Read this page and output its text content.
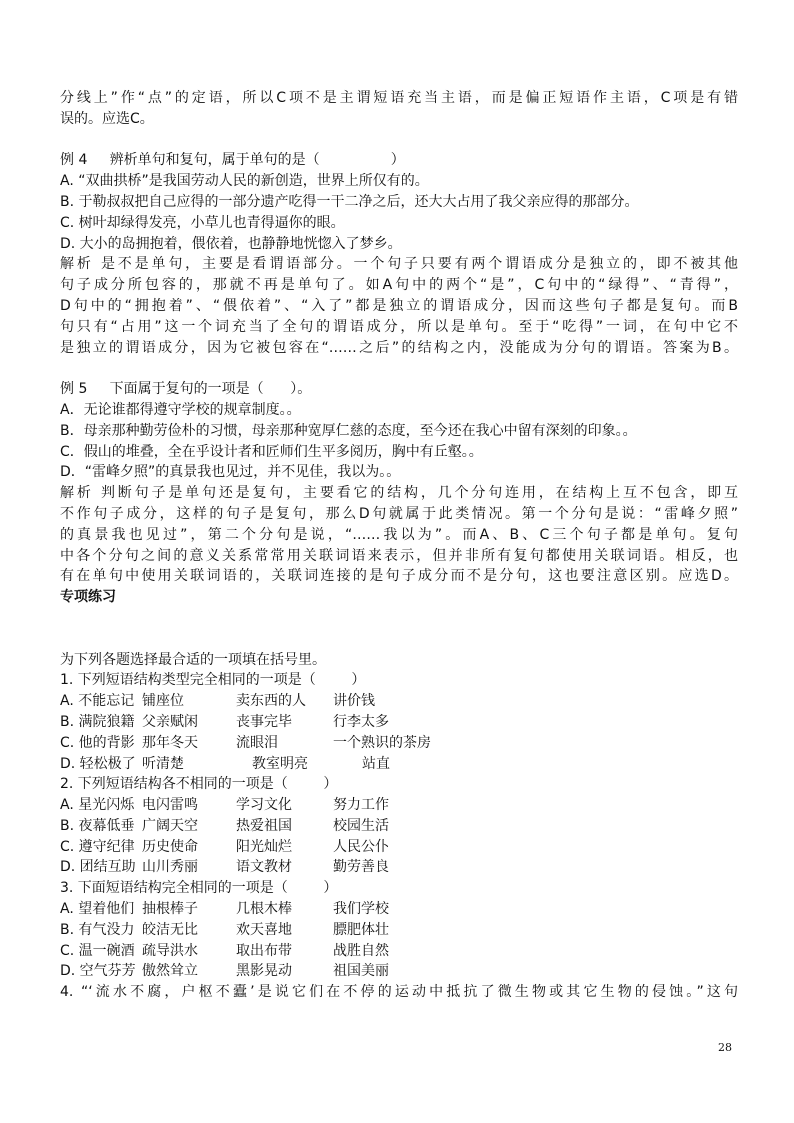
分线上”作“点”的定语，所以C项不是主谓短语充当主语，而是偏正短语作主语，C项是有错
误的。应选C。
例 4     辨析单句和复句，属于单句的是（                ）
A. “双曲拱桥”是我国劳动人民的新创造，世界上所仅有的。
B. 于勒叔叔把自己应得的一部分遗产吃得一干二净之后，还大大占用了我父亲应得的那部分。
C. 树叶却绿得发亮，小草儿也青得逼你的眼。
D. 大小的岛拥抱着，偎依着，也静静地恍惚入了梦乡。
解析 是不是单句，主要是看谓语部分。一个句子只要有两个谓语成分是独立的，即不被其他
句子成分所包容的，那就不再是单句了。如A句中的两个“是”，C句中的“绿得”、“青得”，
D句中的“拥抱着”、“偎依着”、“入了”都是独立的谓语成分，因而这些句子都是复句。而B
句只有“占用”这一个词充当了全句的谓语成分，所以是单句。至于“吃得”一词，在句中它不
是独立的谓语成分，因为它被包容在“……之后”的结构之内，没能成为分句的谓语。答案为B。
例 5     下面属于复句的一项是（      ）。
A．无论谁都得遵守学校的规章制度。。
B．母亲那种勤劳俭朴的习惯，母亲那种宽厚仁慈的态度，至今还在我心中留有深刻的印象。。
C．假山的堆叠，全在乎设计者和匠师们生平多阅历，胸中有丘壑。。
D．“雷峰夕照”的真景我也见过，并不见佳，我以为。。
解析 判断句子是单句还是复句，主要看它的结构，几个分句连用，在结构上互不包含，即互
不作句子成分，这样的句子是复句，那么D句就属于此类情况。第一个分句是说：“雷峰夕照”
的真景我也见过”，第二个分句是说，“……我以为”。而A、B、C三个句子都是单句。复句
中各个分句之间的意义关系常常用关联词语来表示，但并非所有复句都使用关联词语。相反，也
有在单句中使用关联词语的，关联词连接的是句子成分而不是分句，这也要注意区别。应选D。
专项练习
为下列各题选择最合适的一项填在括号里。
1. 下列短语结构类型完全相同的一项是（        ）
A. 不能忘记 铺座位	卖东西的人	讲价钱
B. 满院狼籍 父亲赋闲	丧事完毕	行李太多
C. 他的背影 那年冬天	流眼泪	一个熟识的茶房
D. 轻松极了 听清楚	教室明亮	站直
2. 下列短语结构各不相同的一项是（        ）
A. 星光闪烁 电闪雷鸣	学习文化	努力工作
B. 夜幕低垂 广阔天空	热爱祖国	校园生活
C. 遵守纪律 历史使命	阳光灿烂	人民公仆
D. 团结互助 山川秀丽	语文教材	勤劳善良
3. 下面短语结构完全相同的一项是（        ）
A. 望着他们 抽根棒子	几根木棒	我们学校
B. 有气没力 皎洁无比	欢天喜地	膘肥体壮
C. 温一碗酒 疏导洪水	取出布带	战胜自然
D. 空气芬芳 傲然耸立	黑影晃动	祖国美丽
4. “‘流水不腐，户枢不蠹’是说它们在不停的运动中抵抗了微生物或其它生物的侵蚀。”这句
28
